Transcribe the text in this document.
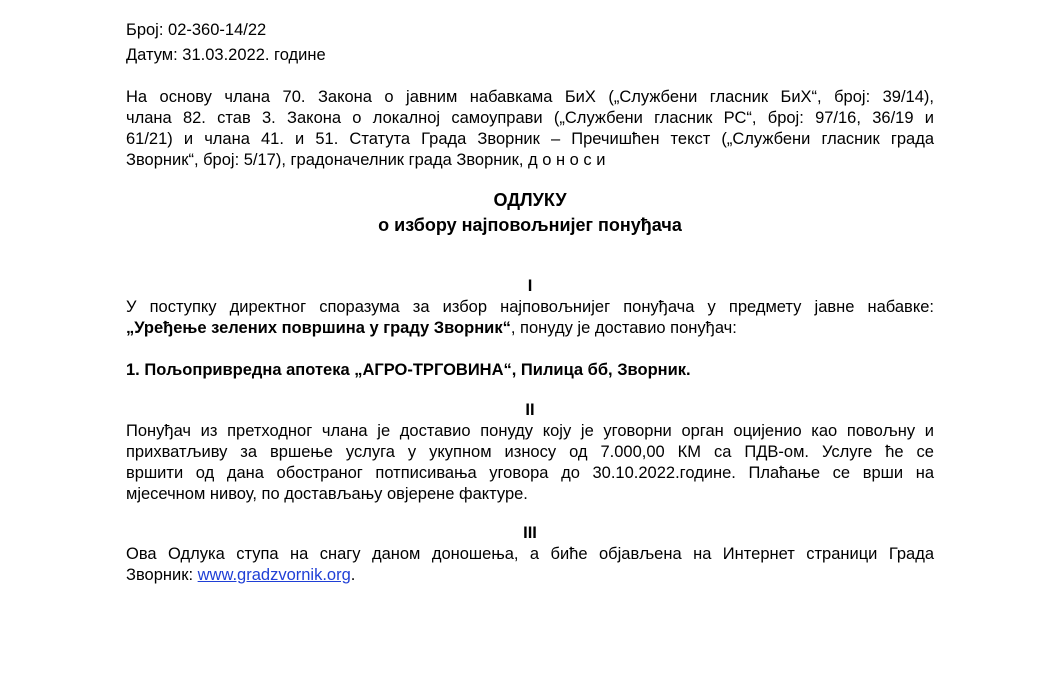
Број: 02-360-14/22
Датум: 31.03.2022. године
На основу члана 70. Закона о јавним набавкама БиХ („Службени гласник БиХ“, број: 39/14),
члана 82. став 3. Закона о локалној самоуправи („Службени гласник РС“, број: 97/16, 36/19 и
61/21) и члана 41. и 51. Статута Града Зворник – Пречишћен текст („Службени гласник града
Зворник“, број: 5/17), градоначелник града Зворник, д о н о с и
ОДЛУКУ
о избору најповољнијег понуђача
I
У поступку директног споразума за избор најповољнијег понуђача у предмету јавне набавке:
„Уређење зелених површина у граду Зворник“, понуду је доставио понуђач:
1. Пољопривредна апотека „АГРО-ТРГОВИНА“, Пилица бб, Зворник.
II
Понуђач из претходног члана је доставио понуду коју је уговорни орган оцијенио као повољну и
прихватљиву за вршење услуга у укупном износу од 7.000,00 КМ са ПДВ-ом. Услуге ће се
вршити од дана обостраног потписивања уговора до 30.10.2022.године. Плаћање се врши на
мјесечном нивоу, по достављању овјерене фактуре.
III
Ова Одлука ступа на снагу даном доношења, а биће објављена на Интернет страници Града
Зворник: www.gradzvornik.org.
